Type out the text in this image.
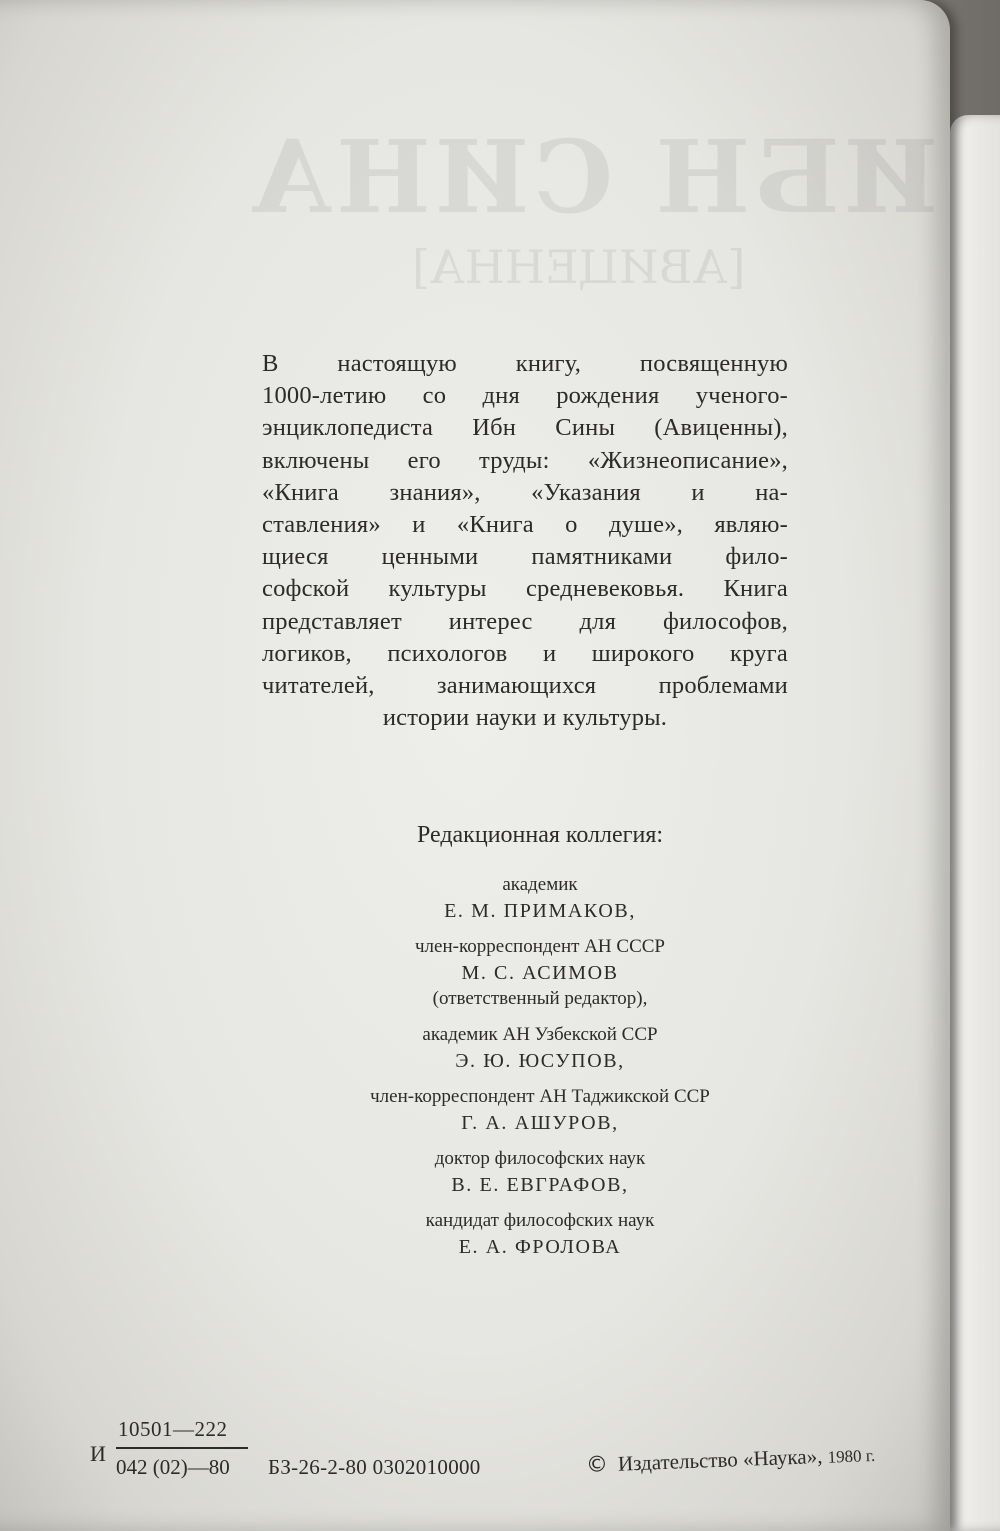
ИБН СИНА
[АВИЦЕННА]
В настоящую книгу, посвященную
1000-летию со дня рождения ученого-
энциклопедиста Ибн Сины (Авиценны),
включены его труды: «Жизнеописание»,
«Книга знания», «Указания и на-
ставления» и «Книга о душе», являю-
щиеся ценными памятниками фило-
софской культуры средневековья. Книга
представляет интерес для философов,
логиков, психологов и широкого круга
читателей, занимающихся проблемами
истории науки и культуры.
Редакционная коллегия:
академик
Е. М. ПРИМАКОВ,
член-корреспондент АН СССР
М. С. АСИМОВ
(ответственный редактор),
академик АН Узбекской ССР
Э. Ю. ЮСУПОВ,
член-корреспондент АН Таджикской ССР
Г. А. АШУРОВ,
доктор философских наук
В. Е. ЕВГРАФОВ,
кандидат философских наук
Е. А. ФРОЛОВА
И
10501—222
042 (02)—80 БЗ-26-2-80 0302010000	© Издательство «Наука», 1980 г.
